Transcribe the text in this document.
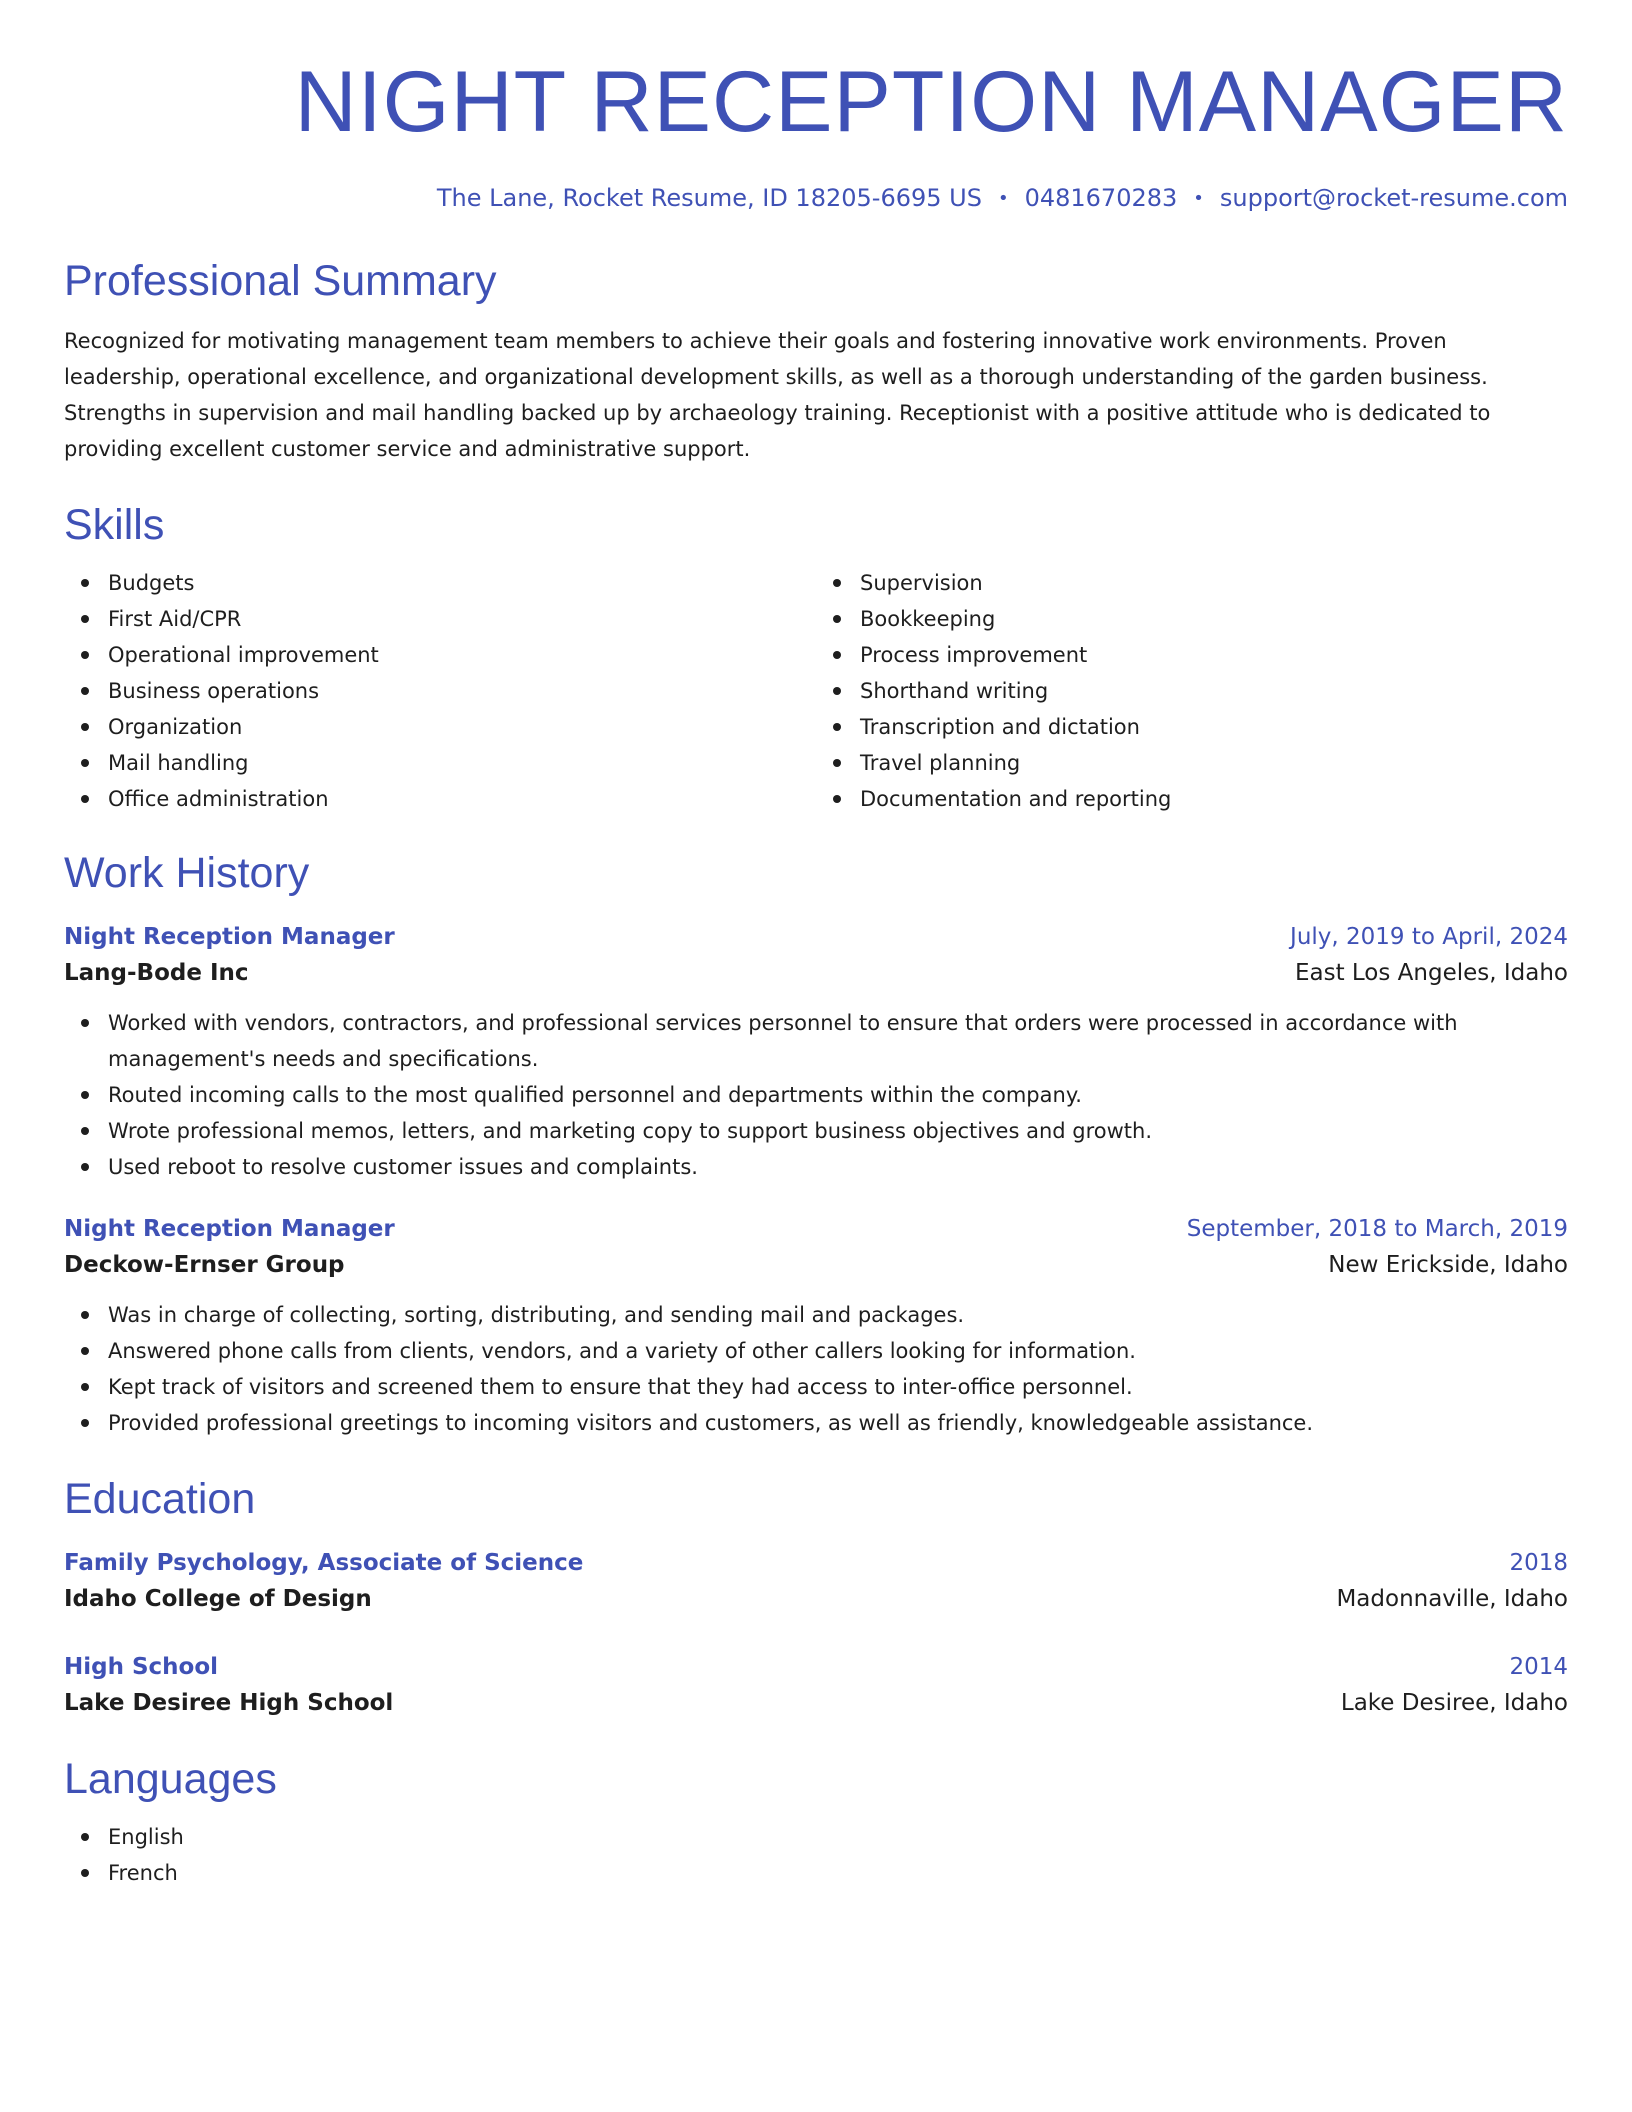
NIGHT RECEPTION MANAGER
The Lane, Rocket Resume, ID 18205-6695 US • 0481670283 • support@rocket-resume.com
Professional Summary

Recognized for motivating management team members to achieve their goals and fostering innovative work environments. Proven leadership, operational excellence, and organizational development skills, as well as a thorough understanding of the garden business. Strengths in supervision and mail handling backed up by archaeology training. Receptionist with a positive attitude who is dedicated to providing excellent customer service and administrative support.

Skills
Budgets
First Aid/CPR
Operational improvement
Business operations
Organization
Mail handling
Office administration
Supervision
Bookkeeping
Process improvement
Shorthand writing
Transcription and dictation
Travel planning
Documentation and reporting
Work History
Night Reception Manager	July, 2019 to April, 2024
Lang-Bode Inc	East Los Angeles, Idaho
Worked with vendors, contractors, and professional services personnel to ensure that orders were processed in accordance with management's needs and specifications.
Routed incoming calls to the most qualified personnel and departments within the company.
Wrote professional memos, letters, and marketing copy to support business objectives and growth.
Used reboot to resolve customer issues and complaints.
Night Reception Manager	September, 2018 to March, 2019
Deckow-Ernser Group	New Erickside, Idaho
Was in charge of collecting, sorting, distributing, and sending mail and packages.
Answered phone calls from clients, vendors, and a variety of other callers looking for information.
Kept track of visitors and screened them to ensure that they had access to inter-office personnel.
Provided professional greetings to incoming visitors and customers, as well as friendly, knowledgeable assistance.
Education
Family Psychology, Associate of Science	2018
Idaho College of Design	Madonnaville, Idaho
High School	2014
Lake Desiree High School	Lake Desiree, Idaho
Languages
English
French
